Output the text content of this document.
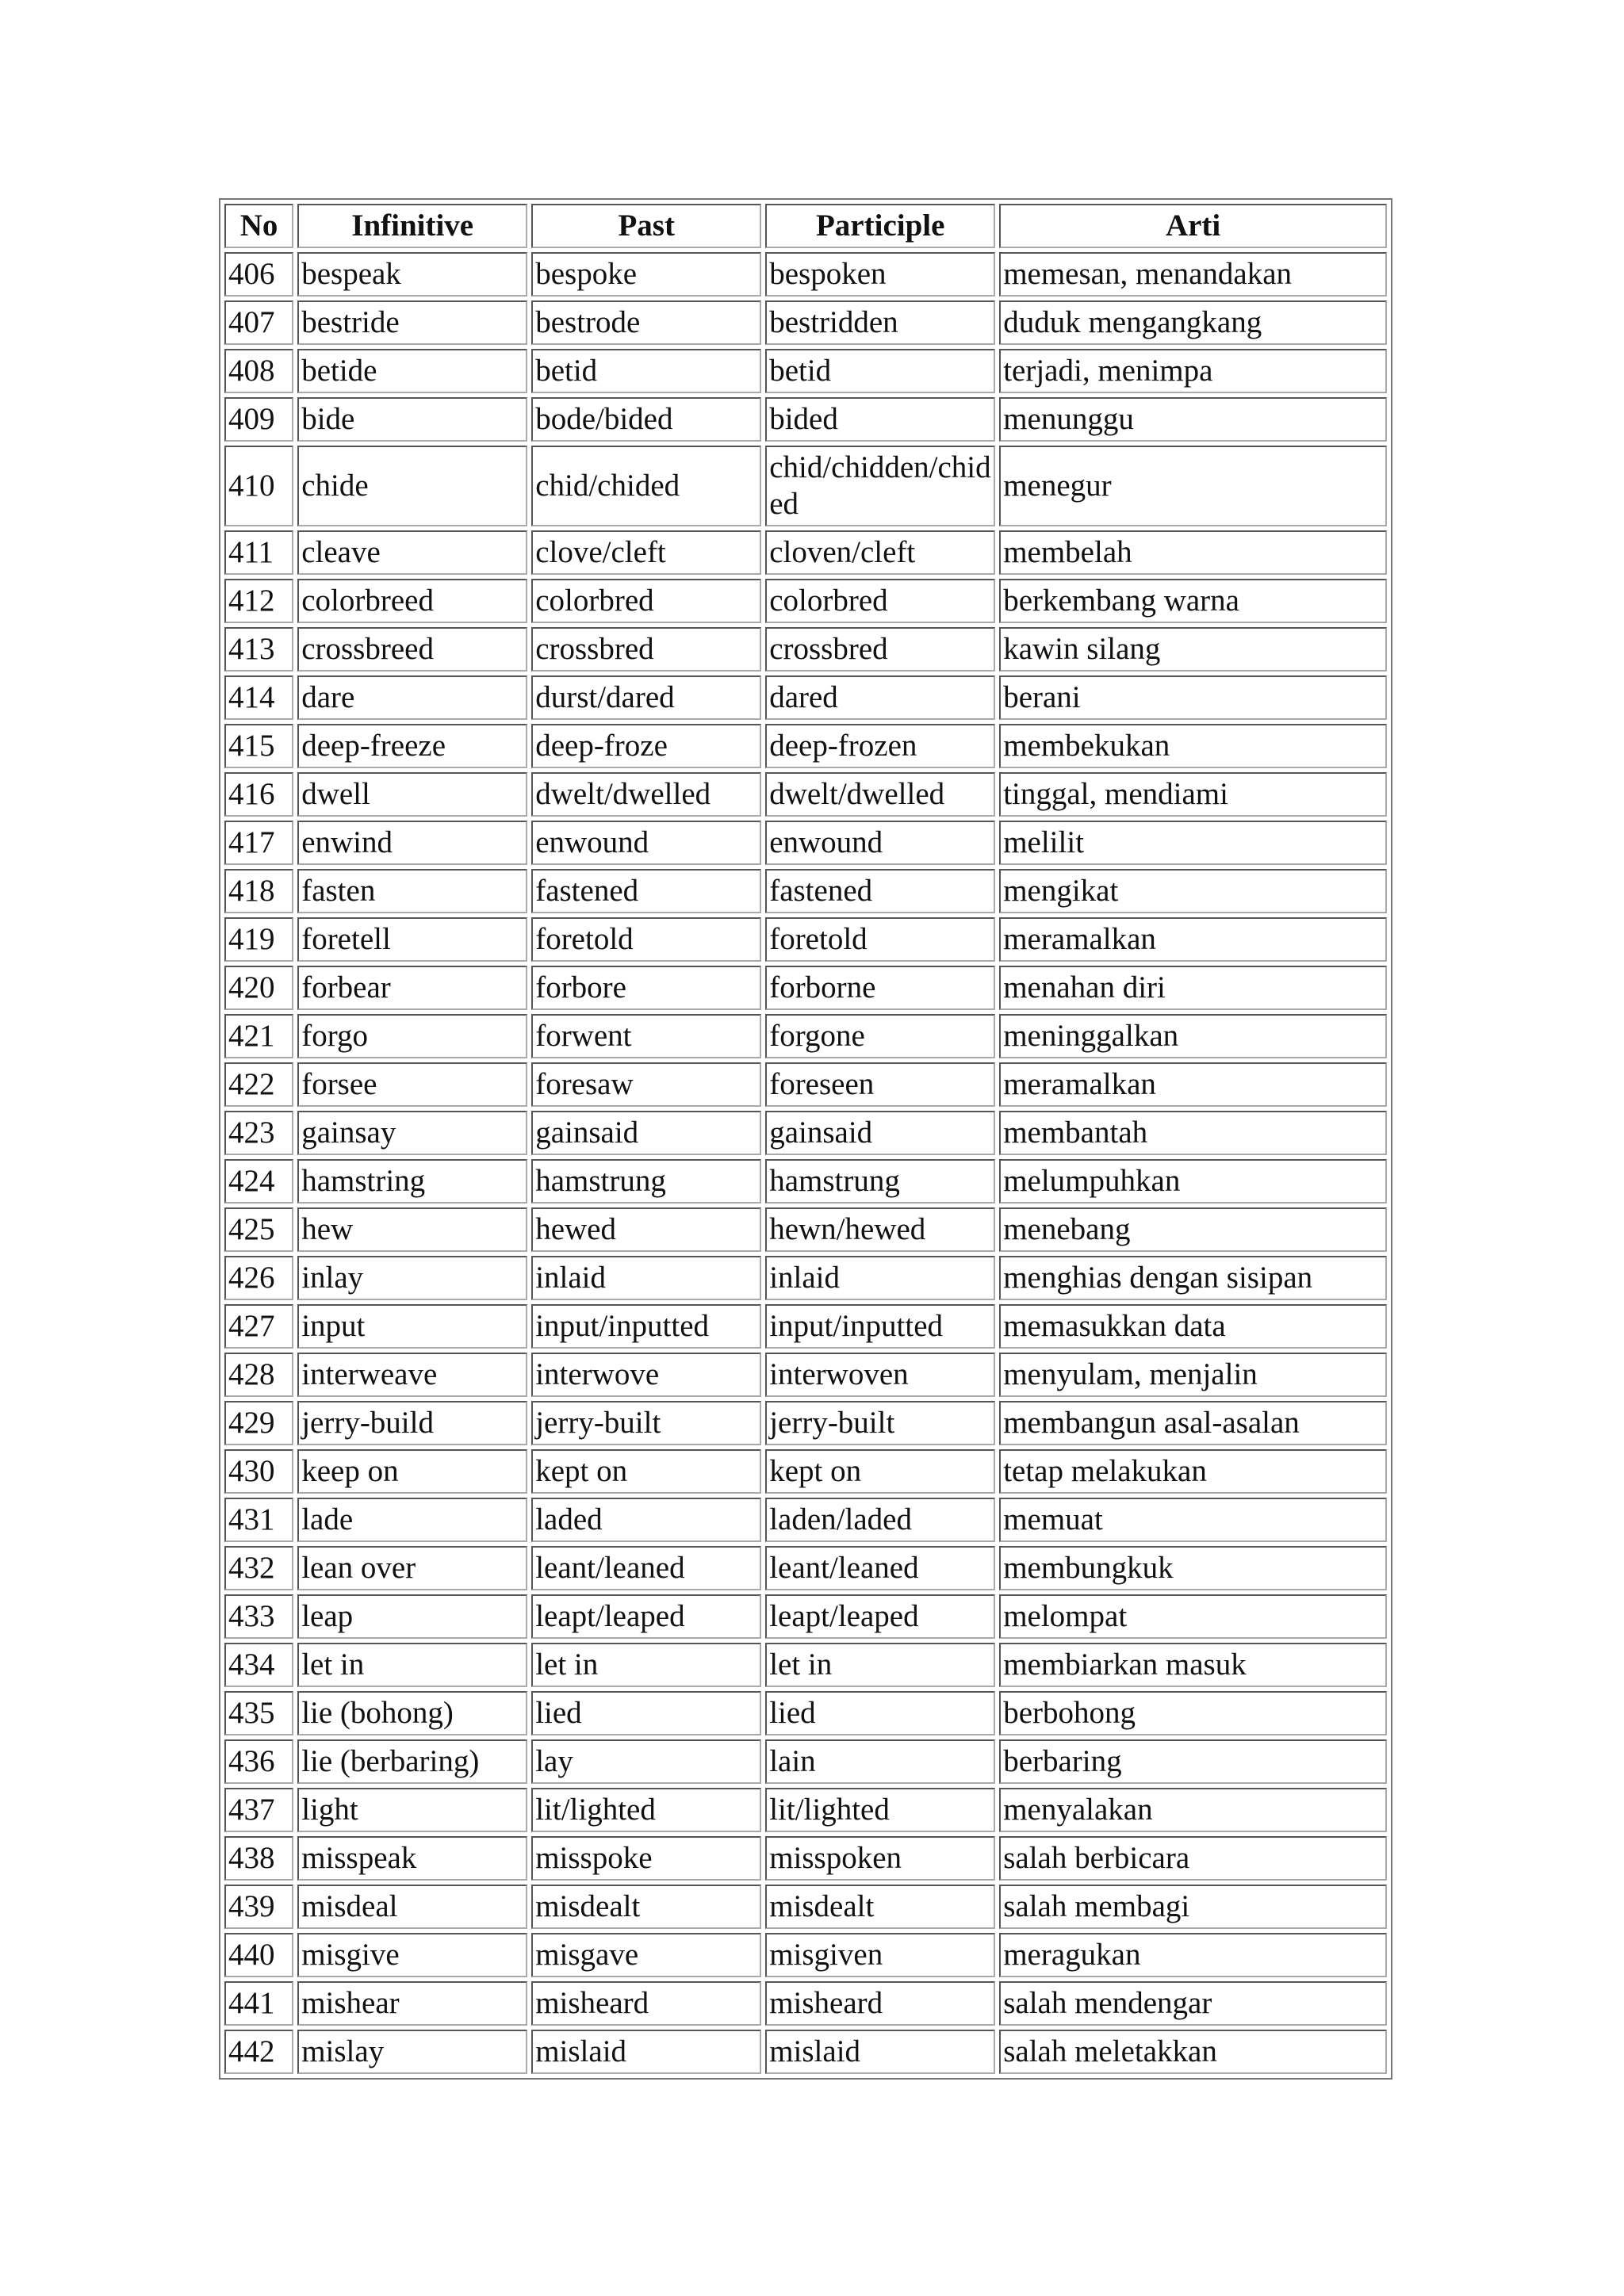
No	Infinitive	Past	Participle	Arti
406	bespeak	bespoke	bespoken	memesan, menandakan
407	bestride	bestrode	bestridden	duduk mengangkang
408	betide	betid	betid	terjadi, menimpa
409	bide	bode/bided	bided	menunggu
410	chide	chid/chided	chid/chidden/chided	menegur
411	cleave	clove/cleft	cloven/cleft	membelah
412	colorbreed	colorbred	colorbred	berkembang warna
413	crossbreed	crossbred	crossbred	kawin silang
414	dare	durst/dared	dared	berani
415	deep-freeze	deep-froze	deep-frozen	membekukan
416	dwell	dwelt/dwelled	dwelt/dwelled	tinggal, mendiami
417	enwind	enwound	enwound	melilit
418	fasten	fastened	fastened	mengikat
419	foretell	foretold	foretold	meramalkan
420	forbear	forbore	forborne	menahan diri
421	forgo	forwent	forgone	meninggalkan
422	forsee	foresaw	foreseen	meramalkan
423	gainsay	gainsaid	gainsaid	membantah
424	hamstring	hamstrung	hamstrung	melumpuhkan
425	hew	hewed	hewn/hewed	menebang
426	inlay	inlaid	inlaid	menghias dengan sisipan
427	input	input/inputted	input/inputted	memasukkan data
428	interweave	interwove	interwoven	menyulam, menjalin
429	jerry-build	jerry-built	jerry-built	membangun asal-asalan
430	keep on	kept on	kept on	tetap melakukan
431	lade	laded	laden/laded	memuat
432	lean over	leant/leaned	leant/leaned	membungkuk
433	leap	leapt/leaped	leapt/leaped	melompat
434	let in	let in	let in	membiarkan masuk
435	lie (bohong)	lied	lied	berbohong
436	lie (berbaring)	lay	lain	berbaring
437	light	lit/lighted	lit/lighted	menyalakan
438	misspeak	misspoke	misspoken	salah berbicara
439	misdeal	misdealt	misdealt	salah membagi
440	misgive	misgave	misgiven	meragukan
441	mishear	misheard	misheard	salah mendengar
442	mislay	mislaid	mislaid	salah meletakkan
